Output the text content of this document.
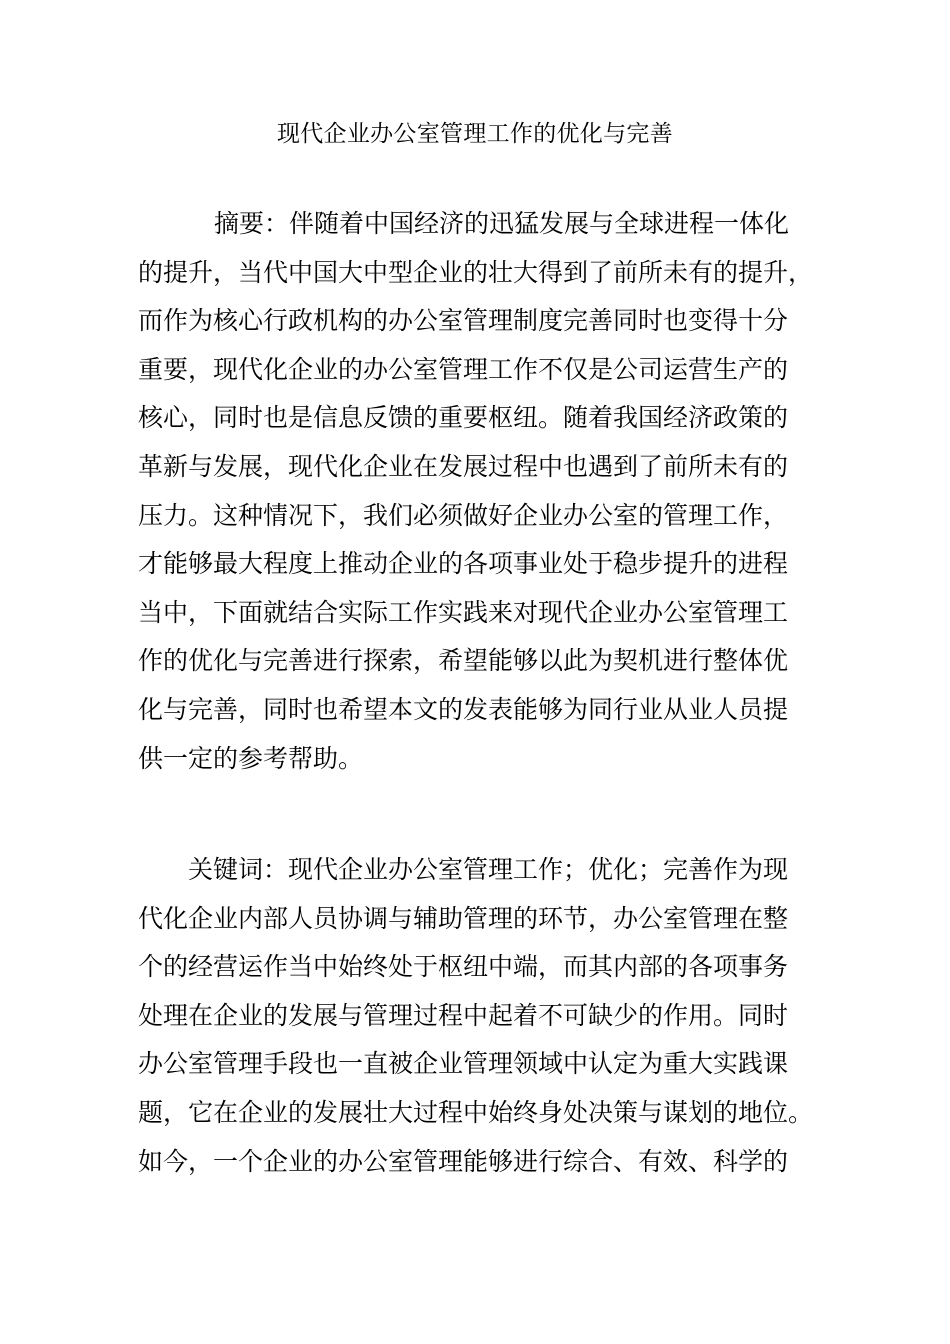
现代企业办公室管理工作的优化与完善
摘要：伴随着中国经济的迅猛发展与全球进程一体化
的提升，当代中国大中型企业的壮大得到了前所未有的提升，
而作为核心行政机构的办公室管理制度完善同时也变得十分
重要，现代化企业的办公室管理工作不仅是公司运营生产的
核心，同时也是信息反馈的重要枢纽。随着我国经济政策的
革新与发展，现代化企业在发展过程中也遇到了前所未有的
压力。这种情况下，我们必须做好企业办公室的管理工作，
才能够最大程度上推动企业的各项事业处于稳步提升的进程
当中，下面就结合实际工作实践来对现代企业办公室管理工
作的优化与完善进行探索，希望能够以此为契机进行整体优
化与完善，同时也希望本文的发表能够为同行业从业人员提
供一定的参考帮助。
关键词：现代企业办公室管理工作；优化；完善作为现
代化企业内部人员协调与辅助管理的环节，办公室管理在整
个的经营运作当中始终处于枢纽中端，而其内部的各项事务
处理在企业的发展与管理过程中起着不可缺少的作用。同时
办公室管理手段也一直被企业管理领域中认定为重大实践课
题，它在企业的发展壮大过程中始终身处决策与谋划的地位。
如今，一个企业的办公室管理能够进行综合、有效、科学的
